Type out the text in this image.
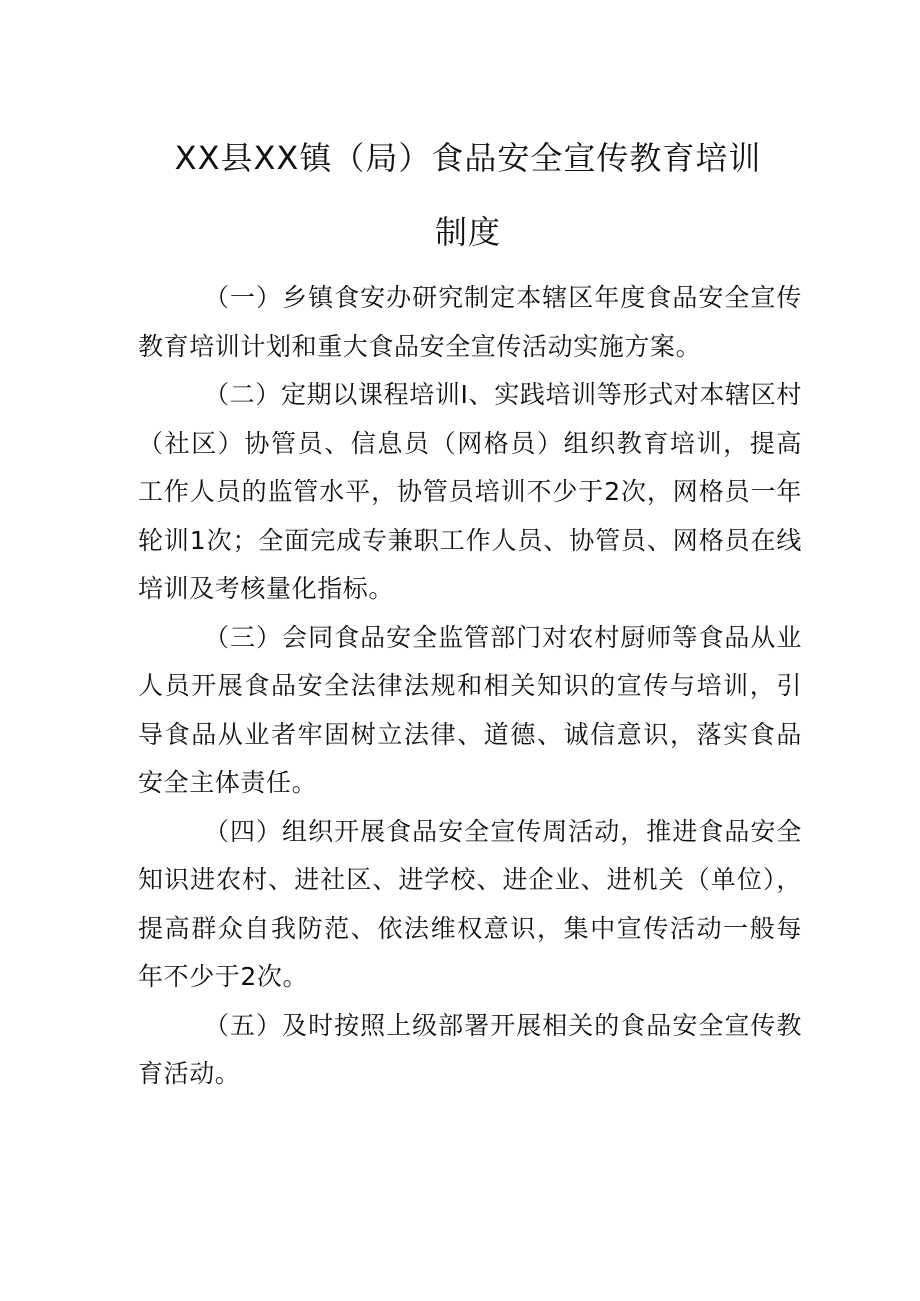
XX县XX镇（局）食品安全宣传教育培训
制度

（一）乡镇食安办研究制定本辖区年度食品安全宣传教育培训计划和重大食品安全宣传活动实施方案。

（二）定期以课程培训I、实践培训等形式对本辖区村（社区）协管员、信息员（网格员）组织教育培训，提高工作人员的监管水平，协管员培训不少于2次，网格员一年轮训1次；全面完成专兼职工作人员、协管员、网格员在线培训及考核量化指标。

（三）会同食品安全监管部门对农村厨师等食品从业人员开展食品安全法律法规和相关知识的宣传与培训，引导食品从业者牢固树立法律、道德、诚信意识，落实食品安全主体责任。

（四）组织开展食品安全宣传周活动，推进食品安全知识进农村、进社区、进学校、进企业、进机关（单位），提高群众自我防范、依法维权意识，集中宣传活动一般每年不少于2次。

（五）及时按照上级部署开展相关的食品安全宣传教育活动。
